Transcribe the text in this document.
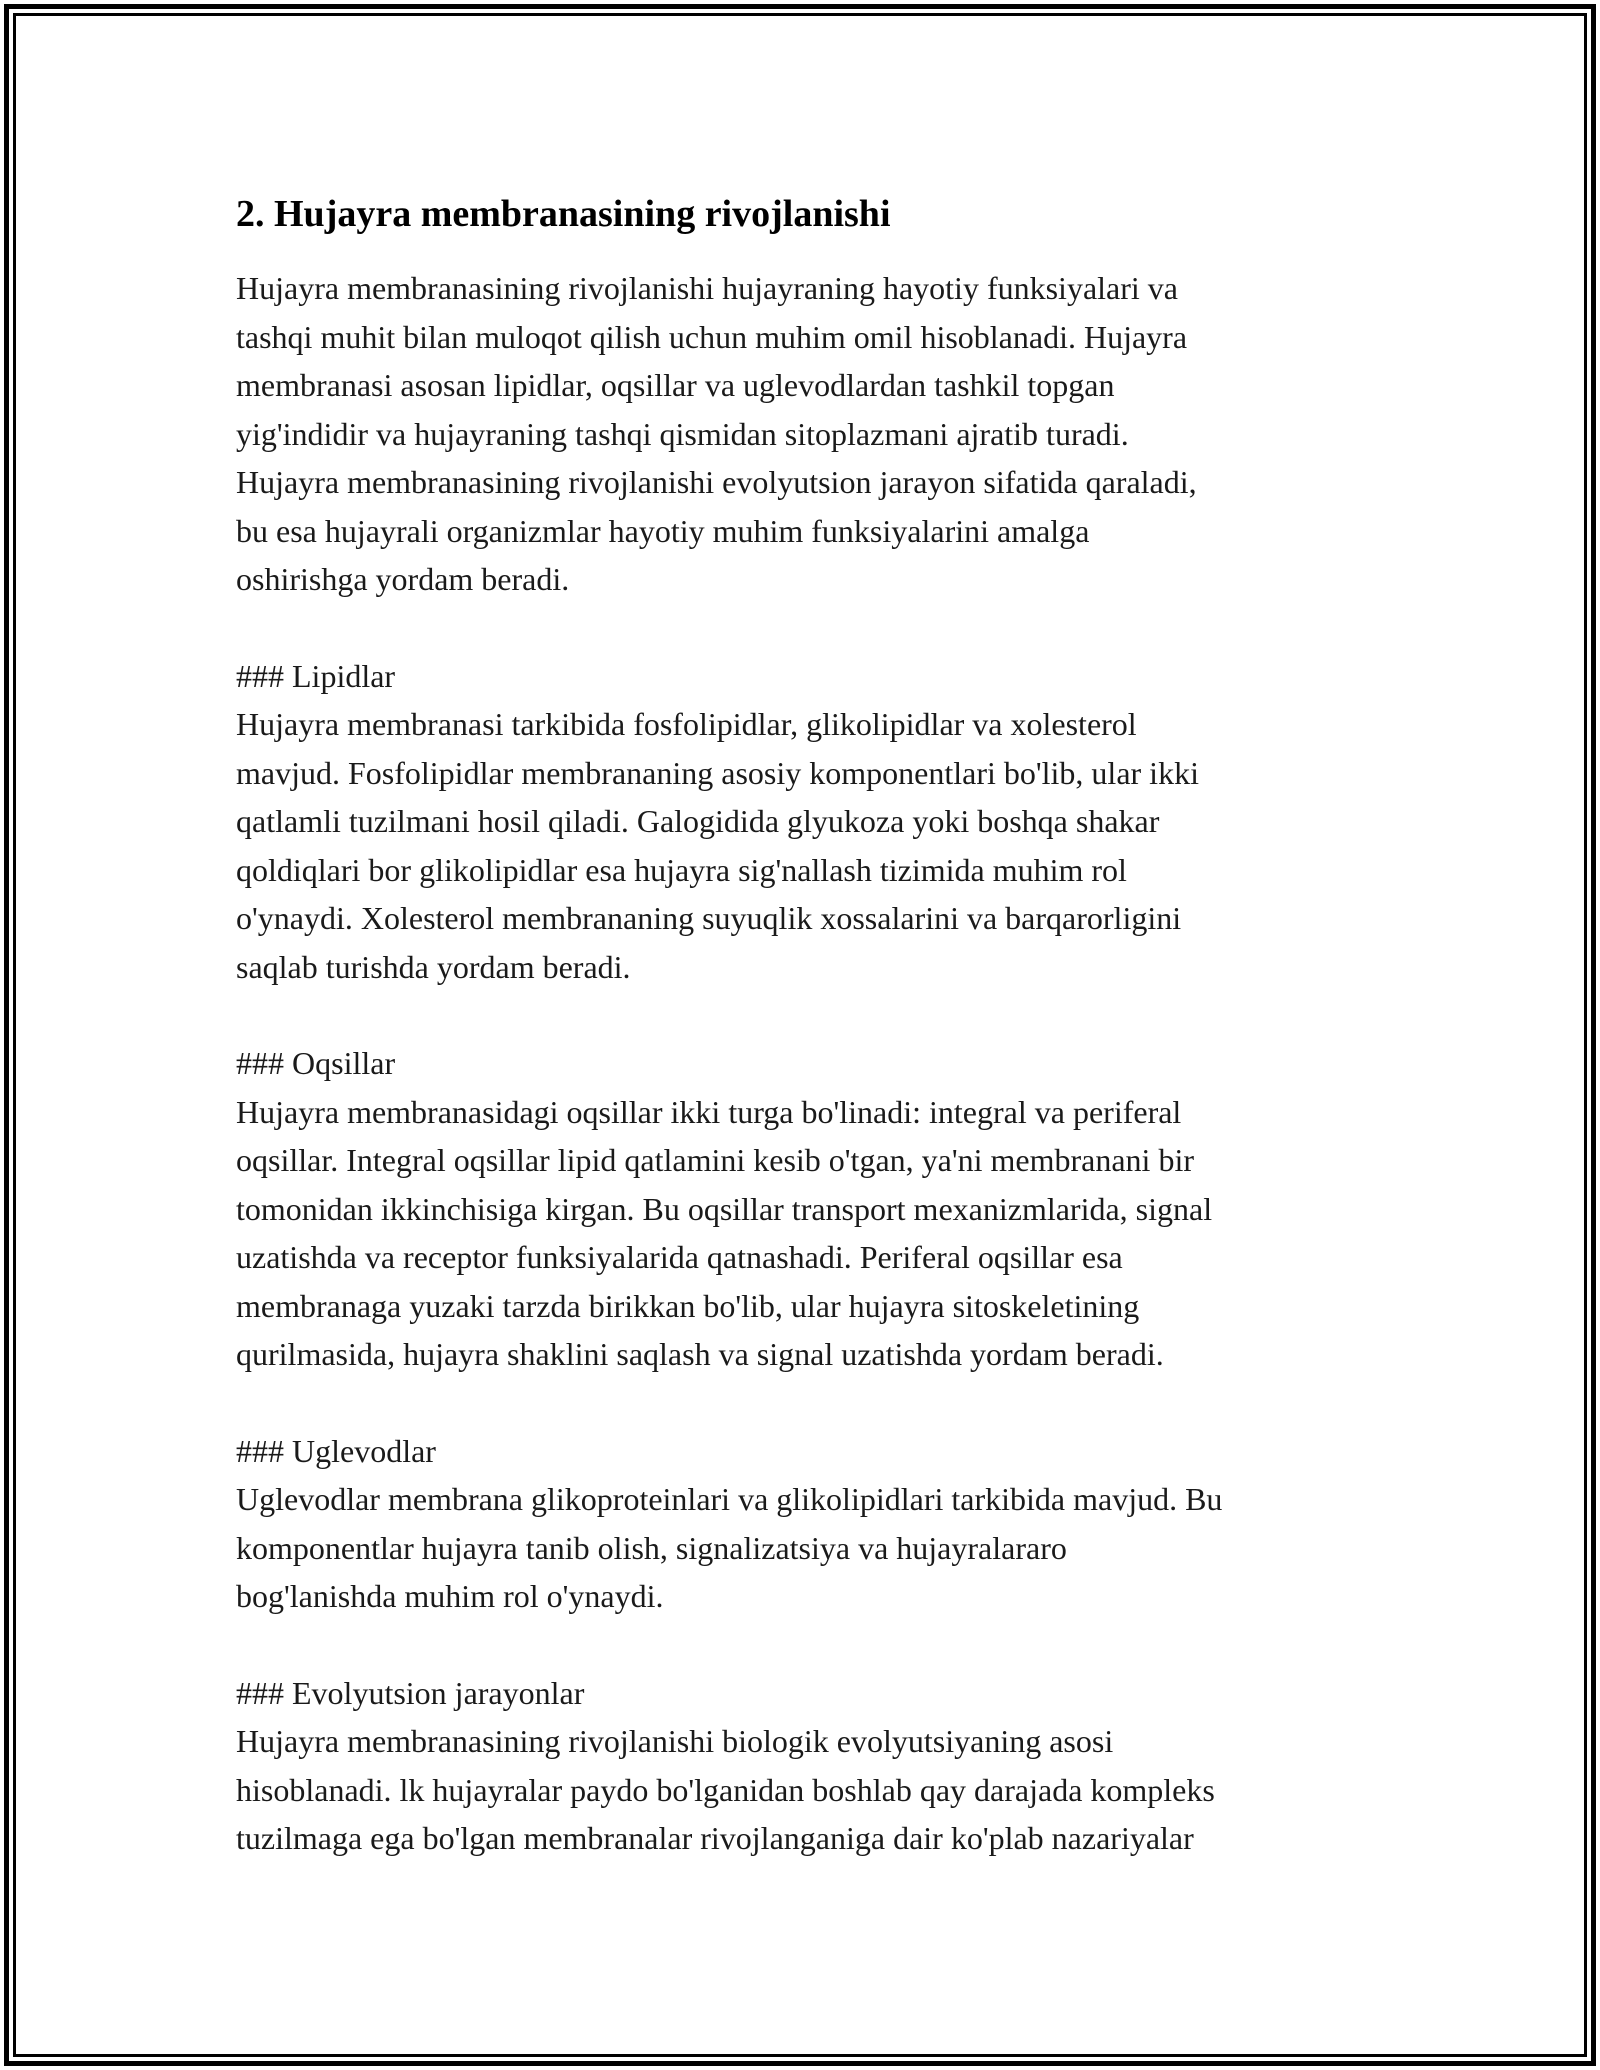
2. Hujayra membranasining rivojlanishi

Hujayra membranasining rivojlanishi hujayraning hayotiy funksiyalari va
tashqi muhit bilan muloqot qilish uchun muhim omil hisoblanadi. Hujayra
membranasi asosan lipidlar, oqsillar va uglevodlardan tashkil topgan
yig'indidir va hujayraning tashqi qismidan sitoplazmani ajratib turadi.
Hujayra membranasining rivojlanishi evolyutsion jarayon sifatida qaraladi,
bu esa hujayrali organizmlar hayotiy muhim funksiyalarini amalga
oshirishga yordam beradi.

### Lipidlar

Hujayra membranasi tarkibida fosfolipidlar, glikolipidlar va xolesterol
mavjud. Fosfolipidlar membrananing asosiy komponentlari bo'lib, ular ikki
qatlamli tuzilmani hosil qiladi. Galogidida glyukoza yoki boshqa shakar
qoldiqlari bor glikolipidlar esa hujayra sig'nallash tizimida muhim rol
o'ynaydi. Xolesterol membrananing suyuqlik xossalarini va barqarorligini
saqlab turishda yordam beradi.

### Oqsillar

Hujayra membranasidagi oqsillar ikki turga bo'linadi: integral va periferal
oqsillar. Integral oqsillar lipid qatlamini kesib o'tgan, ya'ni membranani bir
tomonidan ikkinchisiga kirgan. Bu oqsillar transport mexanizmlarida, signal
uzatishda va receptor funksiyalarida qatnashadi. Periferal oqsillar esa
membranaga yuzaki tarzda birikkan bo'lib, ular hujayra sitoskeletining
qurilmasida, hujayra shaklini saqlash va signal uzatishda yordam beradi.

### Uglevodlar

Uglevodlar membrana glikoproteinlari va glikolipidlari tarkibida mavjud. Bu
komponentlar hujayra tanib olish, signalizatsiya va hujayralararo
bog'lanishda muhim rol o'ynaydi.

### Evolyutsion jarayonlar

Hujayra membranasining rivojlanishi biologik evolyutsiyaning asosi
hisoblanadi. lk hujayralar paydo bo'lganidan boshlab qay darajada kompleks
tuzilmaga ega bo'lgan membranalar rivojlanganiga dair ko'plab nazariyalar
